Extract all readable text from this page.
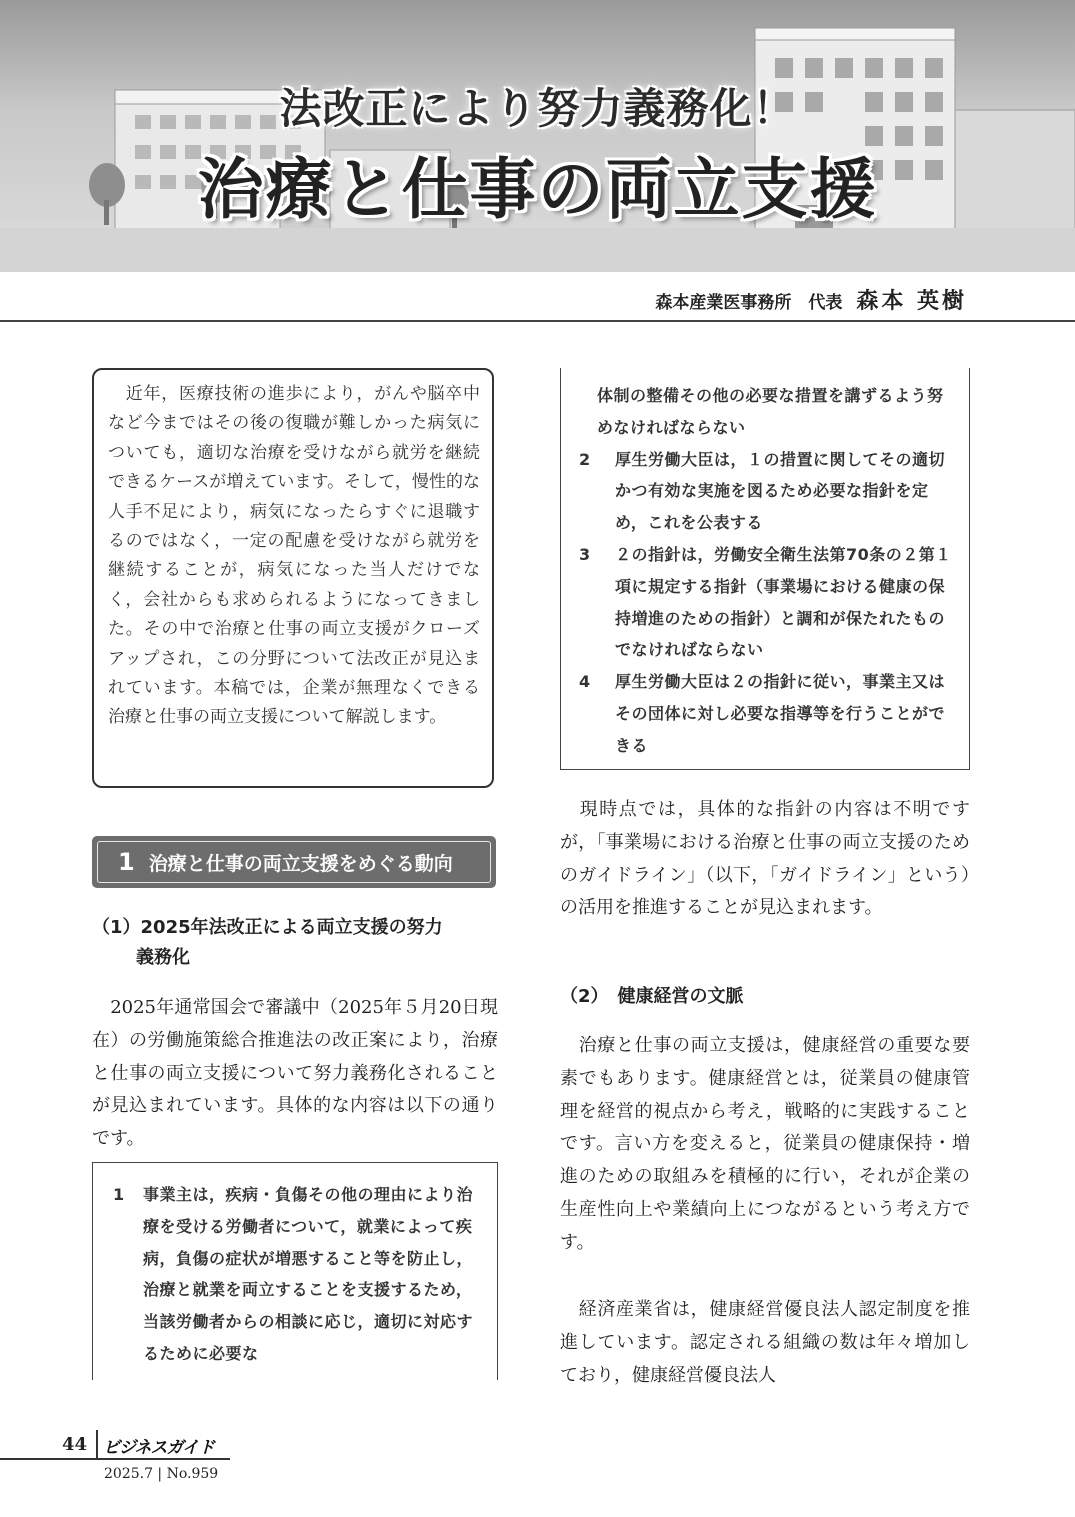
法改正により努力義務化！
治療と仕事の両立支援
森本産業医事務所　代表 森本 英樹

　近年，医療技術の進歩により，がんや脳卒中など今まではその後の復職が難しかった病気についても，適切な治療を受けながら就労を継続できるケースが増えています。そして，慢性的な人手不足により，病気になったらすぐに退職するのではなく，一定の配慮を受けながら就労を継続することが，病気になった当人だけでなく，会社からも求められるようになってきました。その中で治療と仕事の両立支援がクローズアップされ，この分野について法改正が見込まれています。本稿では，企業が無理なくできる治療と仕事の両立支援について解説します。

1 治療と仕事の両立支援をめぐる動向
（1）2025年法改正による両立支援の努力
義務化

　2025年通常国会で審議中（2025年５月20日現在）の労働施策総合推進法の改正案により，治療と仕事の両立支援について努力義務化されることが見込まれています。具体的な内容は以下の通りです。

1	事業主は，疾病・負傷その他の理由により治療を受ける労働者について，就業によって疾病，負傷の症状が増悪すること等を防止し，治療と就業を両立することを支援するため，当該労働者からの相談に応じ，適切に対応するために必要な
体制の整備その他の必要な措置を講ずるよう努めなければならない
2	厚生労働大臣は，１の措置に関してその適切かつ有効な実施を図るため必要な指針を定め，これを公表する
3	２の指針は，労働安全衛生法第70条の２第１項に規定する指針（事業場における健康の保持増進のための指針）と調和が保たれたものでなければならない
4	厚生労働大臣は２の指針に従い，事業主又はその団体に対し必要な指導等を行うことができる

　現時点では，具体的な指針の内容は不明ですが，「事業場における治療と仕事の両立支援のためのガイドライン」（以下，「ガイドライン」という）の活用を推進することが見込まれます。

（2）　健康経営の文脈

　治療と仕事の両立支援は，健康経営の重要な要素でもあります。健康経営とは，従業員の健康管理を経営的視点から考え，戦略的に実践することです。言い方を変えると，従業員の健康保持・増進のための取組みを積極的に行い，それが企業の生産性向上や業績向上につながるという考え方です。

　経済産業省は，健康経営優良法人認定制度を推進しています。認定される組織の数は年々増加しており，健康経営優良法人

44 ビジネスガイド
2025.7 | No.959
